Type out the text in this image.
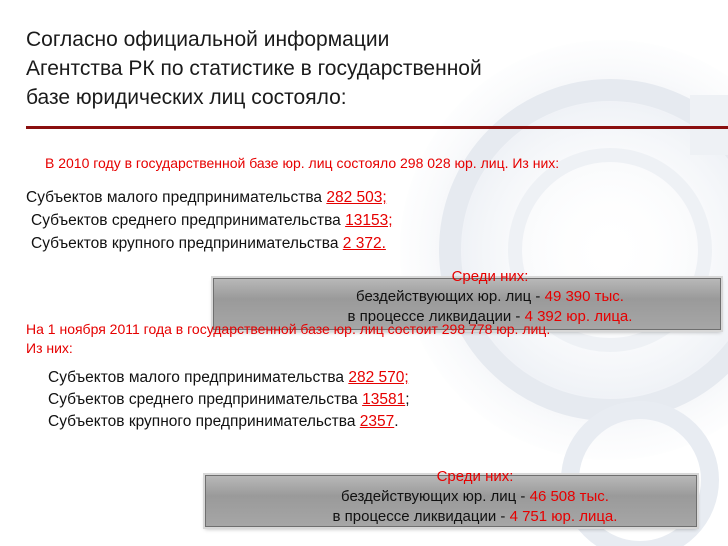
Согласно официальной информации
Агентства РК по статистике в государственной
базе юридических лиц состояло:
В 2010 году в государственной базе юр. лиц состояло 298 028 юр. лиц. Из них:
Субъектов малого предпринимательства 282 503;
Субъектов среднего предпринимательства 13153;
Субъектов крупного предпринимательства 2 372.
Среди них:
бездействующих юр. лиц - 49 390 тыс.
в процессе ликвидации - 4 392 юр. лица.
На 1 ноября 2011 года в государственной базе юр. лиц состоит 298 778 юр. лиц.
Из них:
Субъектов малого предпринимательства 282 570;
Субъектов среднего предпринимательства 13581;
Субъектов крупного предпринимательства 2357.
Среди них:
бездействующих юр. лиц - 46 508 тыс.
в процессе ликвидации - 4 751 юр. лица.
